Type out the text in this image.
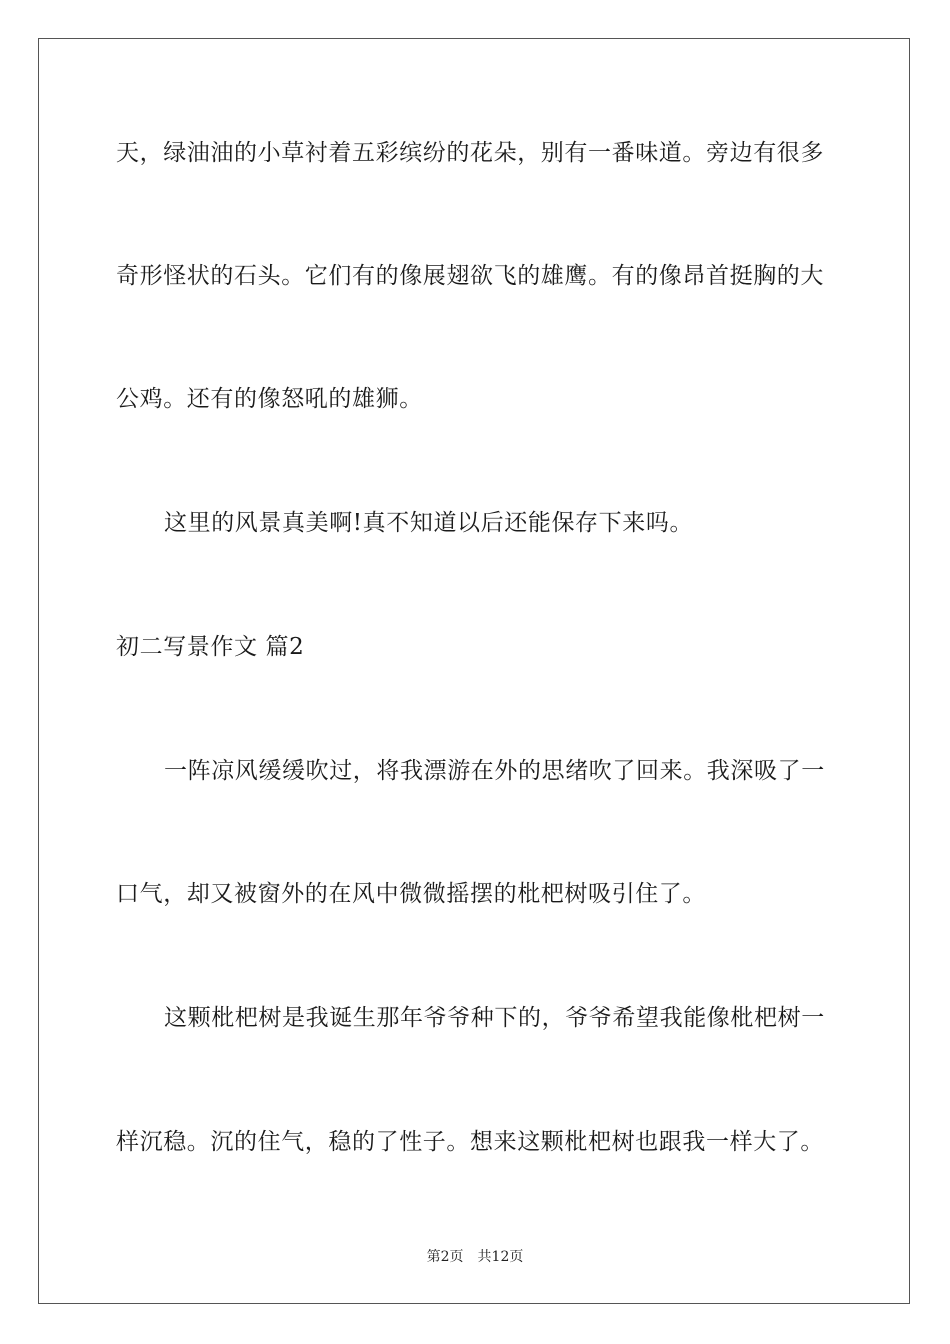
天，绿油油的小草衬着五彩缤纷的花朵，别有一番味道。旁边有很多
奇形怪状的石头。它们有的像展翅欲飞的雄鹰。有的像昂首挺胸的大
公鸡。还有的像怒吼的雄狮。
这里的风景真美啊!真不知道以后还能保存下来吗。
初二写景作文 篇2
一阵凉风缓缓吹过，将我漂游在外的思绪吹了回来。我深吸了一
口气，却又被窗外的在风中微微摇摆的枇杷树吸引住了。
这颗枇杷树是我诞生那年爷爷种下的，爷爷希望我能像枇杷树一
样沉稳。沉的住气，稳的了性子。想来这颗枇杷树也跟我一样大了。
第2页　共12页
